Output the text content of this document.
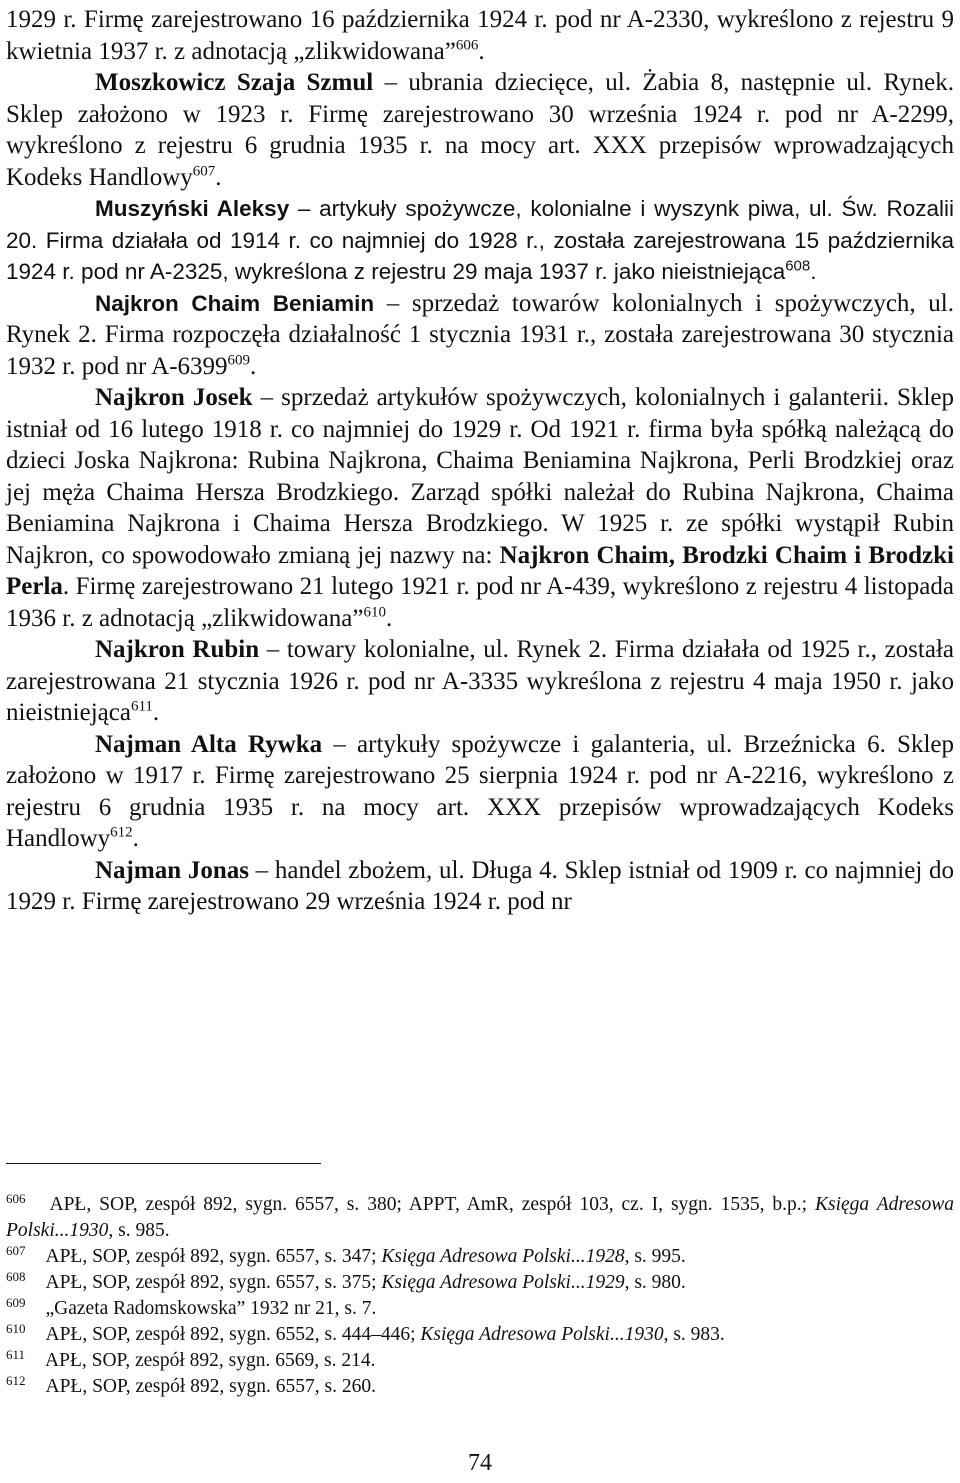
1929 r. Firmę zarejestrowano 16 października 1924 r. pod nr A-2330, wykreślono z rejestru 9 kwietnia 1937 r. z adnotacją „zlikwidowana”$^{606}$.

Moszkowicz Szaja Szmul – ubrania dziecięce, ul. Żabia 8, następnie ul. Rynek. Sklep założono w 1923 r. Firmę zarejestrowano 30 września 1924 r. pod nr A-2299, wykreślono z rejestru 6 grudnia 1935 r. na mocy art. XXX przepisów wprowadzających Kodeks Handlowy$^{607}$.

Muszyński Aleksy – artykuły spożywcze, kolonialne i wyszynk piwa, ul. Św. Rozalii 20. Firma działała od 1914 r. co najmniej do 1928 r., została zarejestrowana 15 października 1924 r. pod nr A-2325, wykreślona z rejestru 29 maja 1937 r. jako nieistniejąca$^{608}$.

Najkron Chaim Beniamin – sprzedaż towarów kolonialnych i spożywczych, ul. Rynek 2. Firma rozpoczęła działalność 1 stycznia 1931 r., została zarejestrowana 30 stycznia 1932 r. pod nr A-6399$^{609}$.

Najkron Josek – sprzedaż artykułów spożywczych, kolonialnych i galanterii. Sklep istniał od 16 lutego 1918 r. co najmniej do 1929 r. Od 1921 r. firma była spółką należącą do dzieci Joska Najkrona: Rubina Najkrona, Chaima Beniamina Najkrona, Perli Brodzkiej oraz jej męża Chaima Hersza Brodzkiego. Zarząd spółki należał do Rubina Najkrona, Chaima Beniamina Najkrona i Chaima Hersza Brodzkiego. W 1925 r. ze spółki wystąpił Rubin Najkron, co spowodowało zmianą jej nazwy na: Najkron Chaim, Brodzki Chaim i Brodzki Perla. Firmę zarejestrowano 21 lutego 1921 r. pod nr A-439, wykreślono z rejestru 4 listopada 1936 r. z adnotacją „zlikwidowana”$^{610}$.

Najkron Rubin – towary kolonialne, ul. Rynek 2. Firma działała od 1925 r., została zarejestrowana 21 stycznia 1926 r. pod nr A-3335 wykreślona z rejestru 4 maja 1950 r. jako nieistniejąca$^{611}$.

Najman Alta Rywka – artykuły spożywcze i galanteria, ul. Brzeźnicka 6. Sklep założono w 1917 r. Firmę zarejestrowano 25 sierpnia 1924 r. pod nr A-2216, wykreślono z rejestru 6 grudnia 1935 r. na mocy art. XXX przepisów wprowadzających Kodeks Handlowy$^{612}$.

Najman Jonas – handel zbożem, ul. Długa 4. Sklep istniał od 1909 r. co najmniej do 1929 r. Firmę zarejestrowano 29 września 1924 r. pod nr

$^{606}$ APŁ, SOP, zespół 892, sygn. 6557, s. 380; APPT, AmR, zespół 103, cz. I, sygn. 1535, b.p.; Księga Adresowa Polski...1930, s. 985.

$^{607}$ APŁ, SOP, zespół 892, sygn. 6557, s. 347; Księga Adresowa Polski...1928, s. 995.

$^{608}$ APŁ, SOP, zespół 892, sygn. 6557, s. 375; Księga Adresowa Polski...1929, s. 980.

$^{609}$ „Gazeta Radomskowska” 1932 nr 21, s. 7.

$^{610}$ APŁ, SOP, zespół 892, sygn. 6552, s. 444–446; Księga Adresowa Polski...1930, s. 983.

$^{611}$ APŁ, SOP, zespół 892, sygn. 6569, s. 214.

$^{612}$ APŁ, SOP, zespół 892, sygn. 6557, s. 260.

74
